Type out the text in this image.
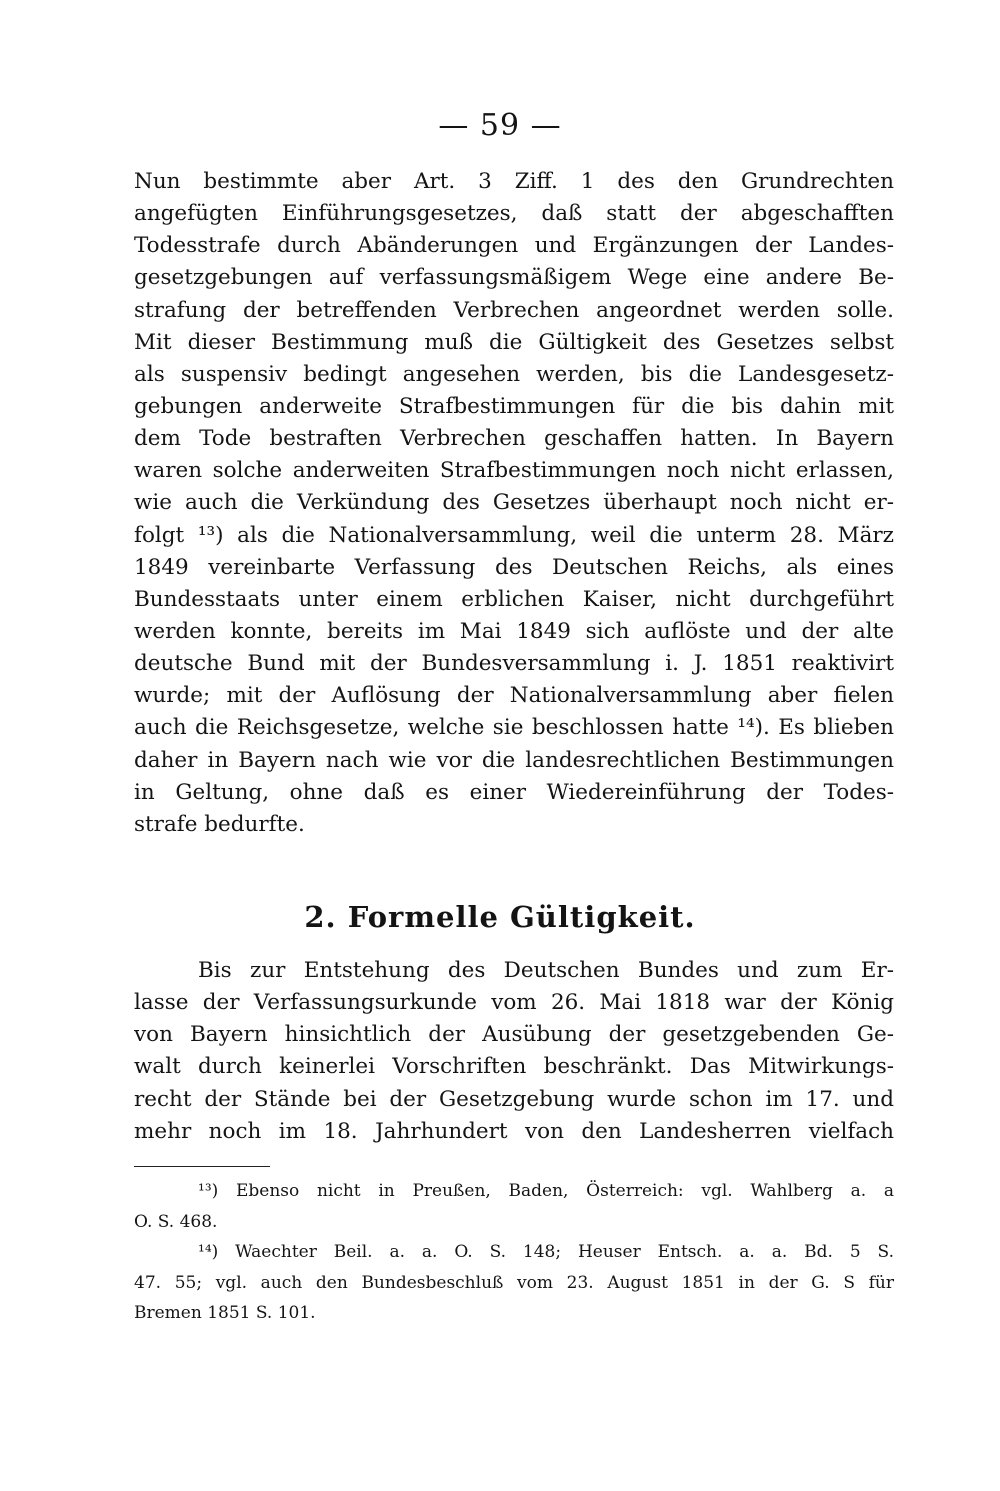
— 59 —
Nun bestimmte aber Art. 3 Ziff. 1 des den Grundrechten
angefügten Einführungsgesetzes, daß statt der abgeschafften
Todesstrafe durch Abänderungen und Ergänzungen der Landes-
gesetzgebungen auf verfassungsmäßigem Wege eine andere Be-
strafung der betreffenden Verbrechen angeordnet werden solle.
Mit dieser Bestimmung muß die Gültigkeit des Gesetzes selbst
als suspensiv bedingt angesehen werden, bis die Landesgesetz-
gebungen anderweite Strafbestimmungen für die bis dahin mit
dem Tode bestraften Verbrechen geschaffen hatten. In Bayern
waren solche anderweiten Strafbestimmungen noch nicht erlassen,
wie auch die Verkündung des Gesetzes überhaupt noch nicht er-
folgt ¹³) als die Nationalversammlung, weil die unterm 28. März
1849 vereinbarte Verfassung des Deutschen Reichs, als eines
Bundesstaats unter einem erblichen Kaiser, nicht durchgeführt
werden konnte, bereits im Mai 1849 sich auflöste und der alte
deutsche Bund mit der Bundesversammlung i. J. 1851 reaktivirt
wurde; mit der Auflösung der Nationalversammlung aber fielen
auch die Reichsgesetze, welche sie beschlossen hatte ¹⁴). Es blieben
daher in Bayern nach wie vor die landesrechtlichen Bestimmungen
in Geltung, ohne daß es einer Wiedereinführung der Todes-
strafe bedurfte.
2. Formelle Gültigkeit.
Bis zur Entstehung des Deutschen Bundes und zum Er-
lasse der Verfassungsurkunde vom 26. Mai 1818 war der König
von Bayern hinsichtlich der Ausübung der gesetzgebenden Ge-
walt durch keinerlei Vorschriften beschränkt. Das Mitwirkungs-
recht der Stände bei der Gesetzgebung wurde schon im 17. und
mehr noch im 18. Jahrhundert von den Landesherren vielfach
¹³) Ebenso nicht in Preußen, Baden, Österreich: vgl. Wahlberg a. a
O. S. 468.
¹⁴) Waechter Beil. a. a. O. S. 148; Heuser Entsch. a. a. Bd. 5 S.
47. 55; vgl. auch den Bundesbeschluß vom 23. August 1851 in der G. S für
Bremen 1851 S. 101.
